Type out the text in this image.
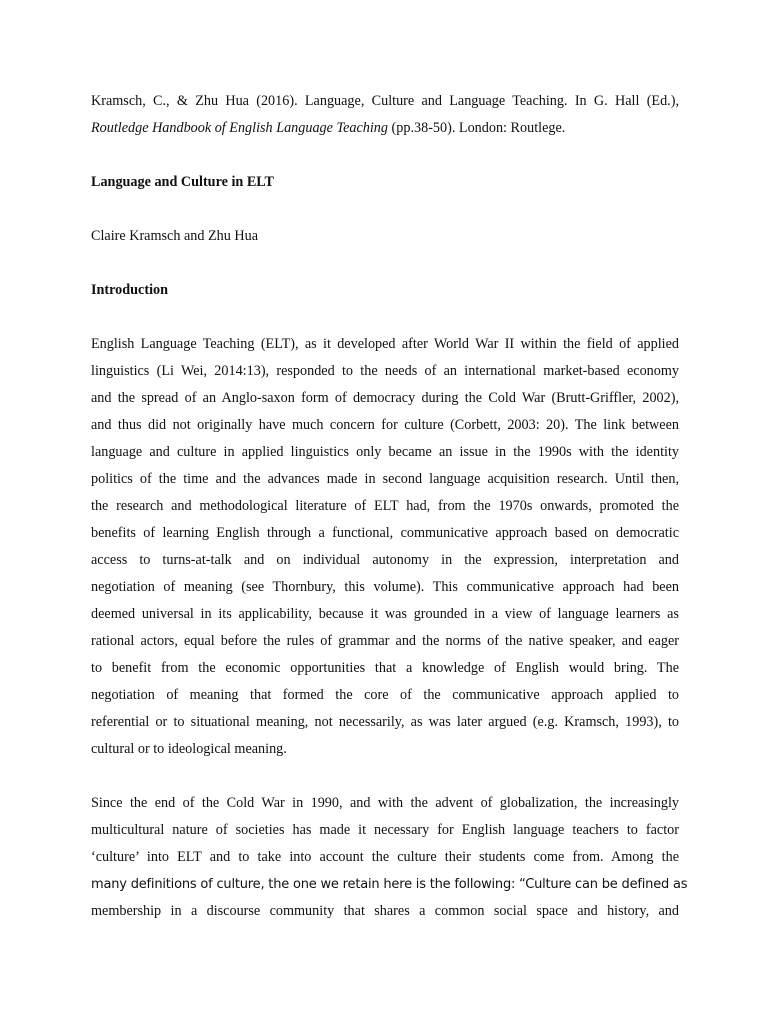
Kramsch, C., & Zhu Hua (2016). Language, Culture and Language Teaching. In G. Hall (Ed.),
Routledge Handbook of English Language Teaching (pp.38-50). London: Routlege.

Language and Culture in ELT

Claire Kramsch and Zhu Hua

Introduction

English Language Teaching (ELT), as it developed after World War II within the field of applied
linguistics (Li Wei, 2014:13), responded to the needs of an international market-based economy
and the spread of an Anglo-saxon form of democracy during the Cold War (Brutt-Griffler, 2002),
and thus did not originally have much concern for culture (Corbett, 2003: 20). The link between
language and culture in applied linguistics only became an issue in the 1990s with the identity
politics of the time and the advances made in second language acquisition research. Until then,
the research and methodological literature of ELT had, from the 1970s onwards, promoted the
benefits of learning English through a functional, communicative approach based on democratic
access to turns-at-talk and on individual autonomy in the expression, interpretation and
negotiation of meaning (see Thornbury, this volume). This communicative approach had been
deemed universal in its applicability, because it was grounded in a view of language learners as
rational actors, equal before the rules of grammar and the norms of the native speaker, and eager
to benefit from the economic opportunities that a knowledge of English would bring. The
negotiation of meaning that formed the core of the communicative approach applied to
referential or to situational meaning, not necessarily, as was later argued (e.g. Kramsch, 1993), to
cultural or to ideological meaning.

Since the end of the Cold War in 1990, and with the advent of globalization, the increasingly
multicultural nature of societies has made it necessary for English language teachers to factor
‘culture’ into ELT and to take into account the culture their students come from. Among the
many definitions of culture, the one we retain here is the following: “Culture can be defined as
membership in a discourse community that shares a common social space and history, and
